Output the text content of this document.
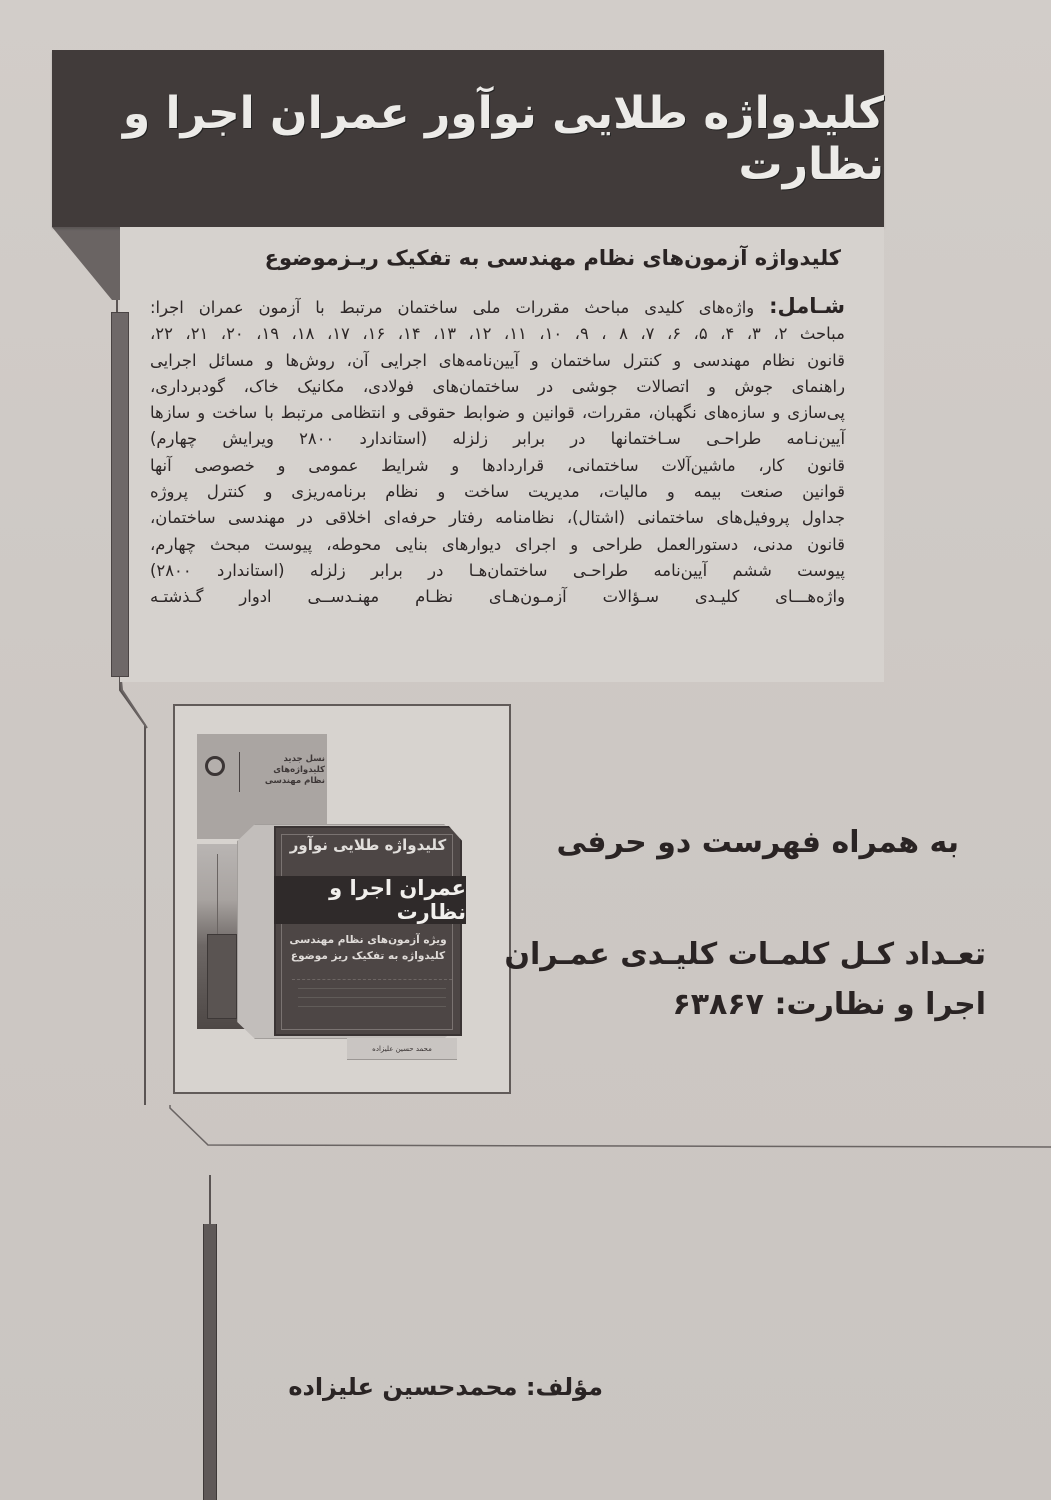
کلیدواژه طلایی نوآور عمران اجرا و نظارت
کلیدواژه آزمون‌های نظام مهندسی به تفکیک ریـزموضوع
شـامل: واژه‌های کلیدی مباحث مقررات ملی ساختمان مرتبط با آزمون عمران اجرا:
مباحث ۲، ۳، ۴، ۵، ۶، ۷، ۸ ، ۹، ۱۰، ۱۱، ۱۲، ۱۳، ۱۴، ۱۶، ۱۷، ۱۸، ۱۹، ۲۰، ۲۱، ۲۲،
قانون نظام مهندسی و کنترل ساختمان و آیین‌نامه‌های اجرایی آن، روش‌ها و مسائل اجرایی
راهنمای جوش و اتصالات جوشی در ساختمان‌های فولادی، مکانیک خاک، گودبرداری،
پی‌سازی و سازه‌های نگهبان، مقررات، قوانین و ضوابط حقوقی و انتظامی مرتبط با ساخت و سازها
آیین‌نـامه طراحـی سـاختمانها در برابر زلزله (استاندارد ۲۸۰۰ ویرایش چهارم)
قانون کار، ماشین‌آلات ساختمانی، قراردادها و شرایط عمومی و خصوصی آنها
قوانین صنعت بیمه و مالیات، مدیریت ساخت و نظام برنامه‌ریزی و کنترل پروژه
جداول پروفیل‌های ساختمانی (اشتال)، نظامنامه رفتار حرفه‌ای اخلاقی در مهندسی ساختمان،
قانون مدنی، دستورالعمل طراحی و اجرای دیوارهای بنایی محوطه، پیوست مبحث چهارم،
پیوست ششم آیین‌نامه طراحـی ساختمان‌هـا در برابر زلزله (استاندارد ۲۸۰۰)
واژه‌هـــای کلیـدی سـؤالات آزمـون‌هـای نظـام مهنـدســی ادوار گـذشتـه
نسل جدید
کلیدواژه‌های
نظام مهندسی
کلیدواژه طلایی نوآور
عمران اجرا و نظارت
ویژه آزمون‌های نظام مهندسی
کلیدواژه به تفکیک ریز موضوع
محمد حسین علیزاده
به همراه فهرست دو حرفی
تعـداد کـل کلمـات کلیـدی عمـران
اجرا و نظارت: ۶۳۸۶۷
مؤلف: محمدحسین علیزاده
